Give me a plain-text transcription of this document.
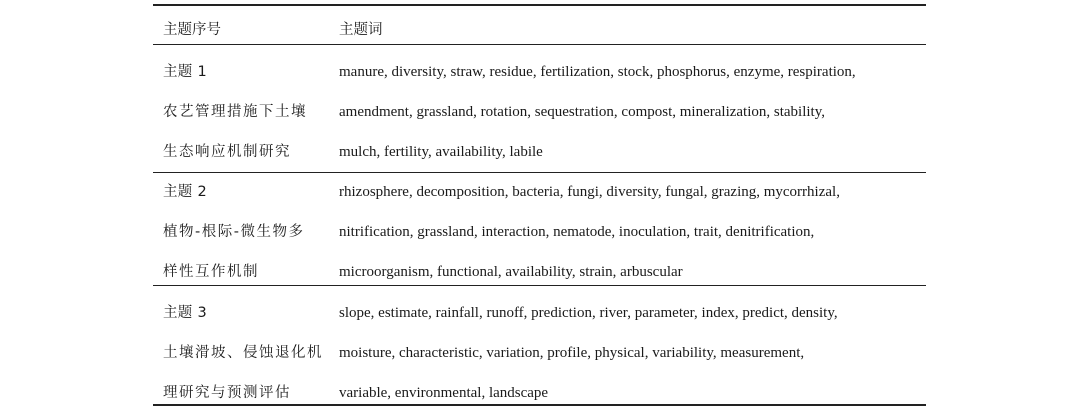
主题序号	主题词
主题 1
农艺管理措施下土壤
生态响应机制研究
manure, diversity, straw, residue, fertilization, stock, phosphorus, enzyme, respiration,
amendment, grassland, rotation, sequestration, compost, mineralization, stability,
mulch, fertility, availability, labile
主题 2
植物-根际-微生物多
样性互作机制
rhizosphere, decomposition, bacteria, fungi, diversity, fungal, grazing, mycorrhizal,
nitrification, grassland, interaction, nematode, inoculation, trait, denitrification,
microorganism, functional, availability, strain, arbuscular
主题 3
土壤滑坡、侵蚀退化机
理研究与预测评估
slope, estimate, rainfall, runoff, prediction, river, parameter, index, predict, density,
moisture, characteristic, variation, profile, physical, variability, measurement,
variable, environmental, landscape
